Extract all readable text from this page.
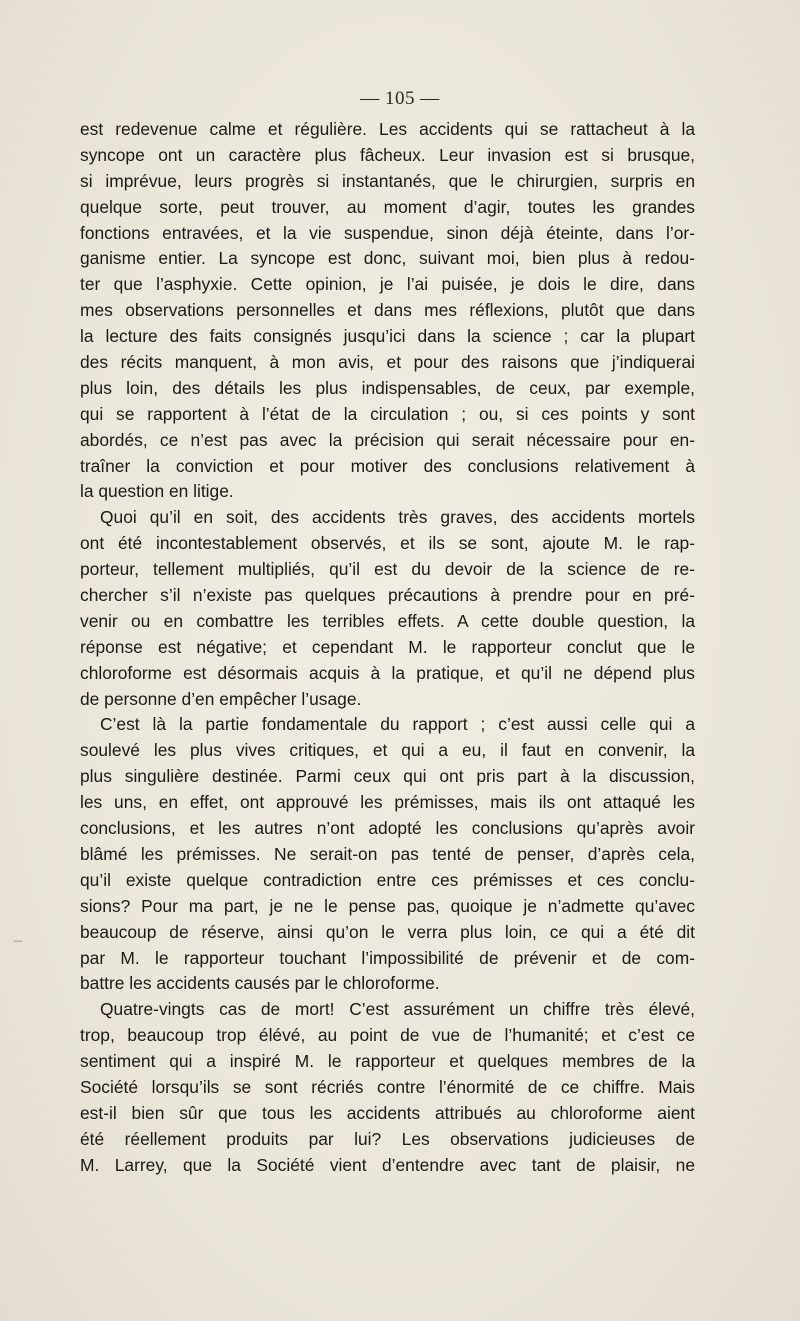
— 105 —
est redevenue calme et régulière. Les accidents qui se rattacheut à la
syncope ont un caractère plus fâcheux. Leur invasion est si brusque,
si imprévue, leurs progrès si instantanés, que le chirurgien, surpris en
quelque sorte, peut trouver, au moment d’agir, toutes les grandes
fonctions entravées, et la vie suspendue, sinon déjà éteinte, dans l’or-
ganisme entier. La syncope est donc, suivant moi, bien plus à redou-
ter que l’asphyxie. Cette opinion, je l’ai puisée, je dois le dire, dans
mes observations personnelles et dans mes réflexions, plutôt que dans
la lecture des faits consignés jusqu’ici dans la science ; car la plupart
des récits manquent, à mon avis, et pour des raisons que j’indiquerai
plus loin, des détails les plus indispensables, de ceux, par exemple,
qui se rapportent à l’état de la circulation ; ou, si ces points y sont
abordés, ce n’est pas avec la précision qui serait nécessaire pour en-
traîner la conviction et pour motiver des conclusions relativement à
la question en litige.
Quoi qu’il en soit, des accidents très graves, des accidents mortels
ont été incontestablement observés, et ils se sont, ajoute M. le rap-
porteur, tellement multipliés, qu’il est du devoir de la science de re-
chercher s’il n’existe pas quelques précautions à prendre pour en pré-
venir ou en combattre les terribles effets. A cette double question, la
réponse est négative; et cependant M. le rapporteur conclut que le
chloroforme est désormais acquis à la pratique, et qu’il ne dépend plus
de personne d’en empêcher l’usage.
C’est là la partie fondamentale du rapport ; c’est aussi celle qui a
soulevé les plus vives critiques, et qui a eu, il faut en convenir, la
plus singulière destinée. Parmi ceux qui ont pris part à la discussion,
les uns, en effet, ont approuvé les prémisses, mais ils ont attaqué les
conclusions, et les autres n’ont adopté les conclusions qu’après avoir
blâmé les prémisses. Ne serait-on pas tenté de penser, d’après cela,
qu’il existe quelque contradiction entre ces prémisses et ces conclu-
sions? Pour ma part, je ne le pense pas, quoique je n’admette qu’avec
beaucoup de réserve, ainsi qu’on le verra plus loin, ce qui a été dit
par M. le rapporteur touchant l’impossibilité de prévenir et de com-
battre les accidents causés par le chloroforme.
Quatre-vingts cas de mort! C’est assurément un chiffre très élevé,
trop, beaucoup trop élévé, au point de vue de l’humanité; et c’est ce
sentiment qui a inspiré M. le rapporteur et quelques membres de la
Société lorsqu’ils se sont récriés contre l’énormité de ce chiffre. Mais
est-il bien sûr que tous les accidents attribués au chloroforme aient
été réellement produits par lui? Les observations judicieuses de
M. Larrey, que la Société vient d’entendre avec tant de plaisir, ne
–
